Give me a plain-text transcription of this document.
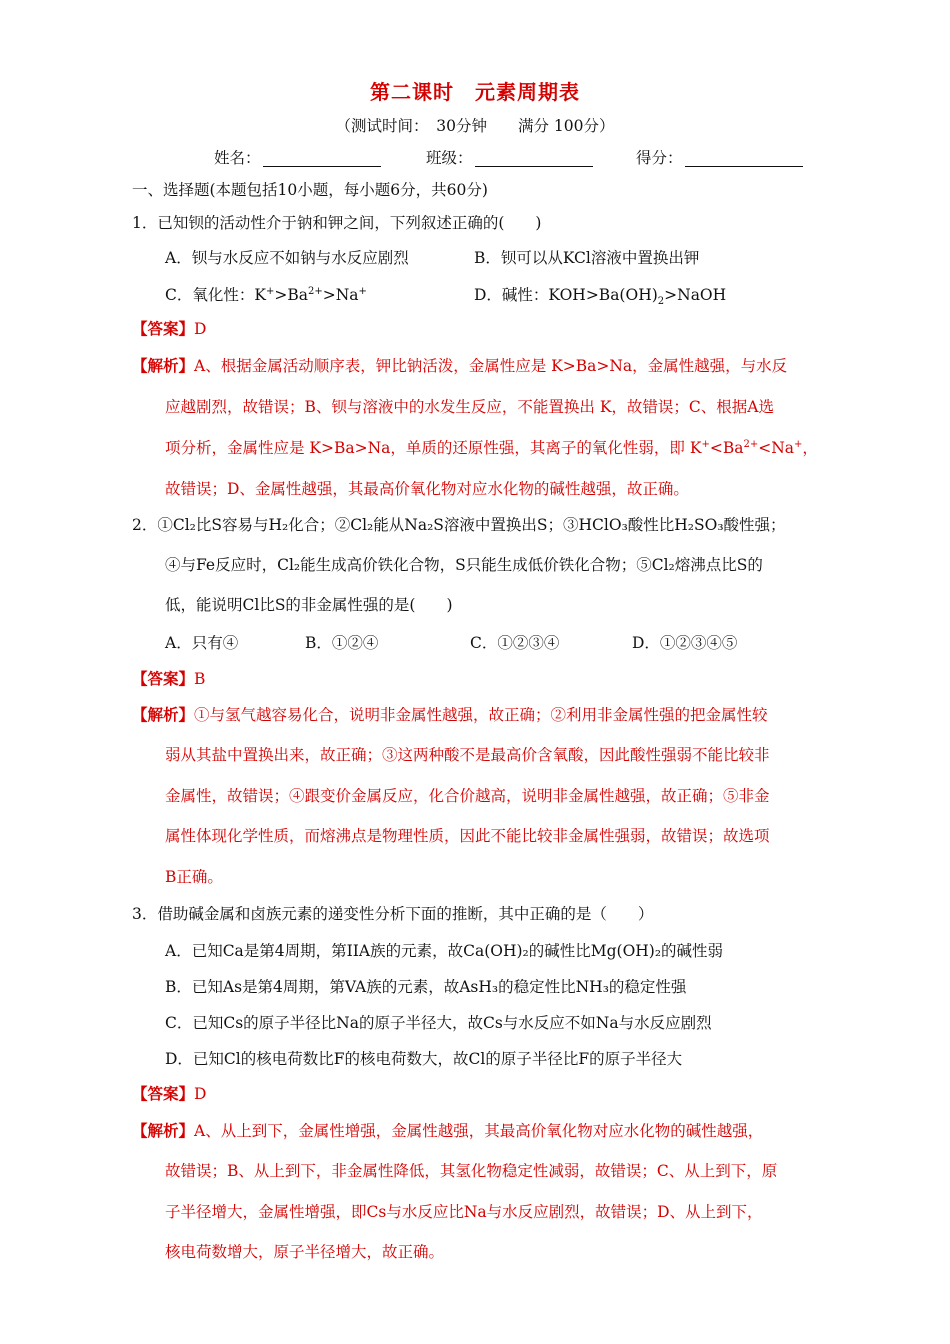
第二课时　元素周期表
（测试时间：　30分钟　　满分 100分）
姓名：	班级：	得分：
一、选择题(本题包括10小题，每小题6分，共60分)
1．已知钡的活动性介于钠和钾之间，下列叙述正确的(　　)
A．钡与水反应不如钠与水反应剧烈	B．钡可以从KCl溶液中置换出钾
C．氧化性：$K^+>Ba^{2+}>Na^+$	D．碱性：$KOH>Ba(OH)_2>NaOH$
【答案】D
【解析】A、根据金属活动顺序表，钾比钠活泼，金属性应是 K>Ba>Na，金属性越强，与水反
应越剧烈，故错误；B、钡与溶液中的水发生反应，不能置换出 K，故错误；C、根据A选
项分析，金属性应是 K>Ba>Na，单质的还原性强，其离子的氧化性弱，即 $K^+<Ba^{2+}<Na^+$，
故错误；D、金属性越强，其最高价氧化物对应水化物的碱性越强，故正确。
2．①Cl₂比S容易与H₂化合；②Cl₂能从Na₂S溶液中置换出S；③HClO₃酸性比H₂SO₃酸性强；
④与Fe反应时，Cl₂能生成高价铁化合物，S只能生成低价铁化合物；⑤Cl₂熔沸点比S的
低，能说明Cl比S的非金属性强的是(　　)
A．只有④	B．①②④	C．①②③④	D．①②③④⑤
【答案】B
【解析】①与氢气越容易化合，说明非金属性越强，故正确；②利用非金属性强的把金属性较
弱从其盐中置换出来，故正确；③这两种酸不是最高价含氧酸，因此酸性强弱不能比较非
金属性，故错误；④跟变价金属反应，化合价越高，说明非金属性越强，故正确；⑤非金
属性体现化学性质，而熔沸点是物理性质，因此不能比较非金属性强弱，故错误；故选项
B正确。
3．借助碱金属和卤族元素的递变性分析下面的推断，其中正确的是（　　）
A．已知Ca是第4周期，第IIA族的元素，故Ca(OH)₂的碱性比Mg(OH)₂的碱性弱
B．已知As是第4周期，第VA族的元素，故AsH₃的稳定性比NH₃的稳定性强
C．已知Cs的原子半径比Na的原子半径大，故Cs与水反应不如Na与水反应剧烈
D．已知Cl的核电荷数比F的核电荷数大，故Cl的原子半径比F的原子半径大
【答案】D
【解析】A、从上到下，金属性增强，金属性越强，其最高价氧化物对应水化物的碱性越强，
故错误；B、从上到下，非金属性降低，其氢化物稳定性减弱，故错误；C、从上到下，原
子半径增大，金属性增强，即Cs与水反应比Na与水反应剧烈，故错误；D、从上到下，
核电荷数增大，原子半径增大，故正确。
